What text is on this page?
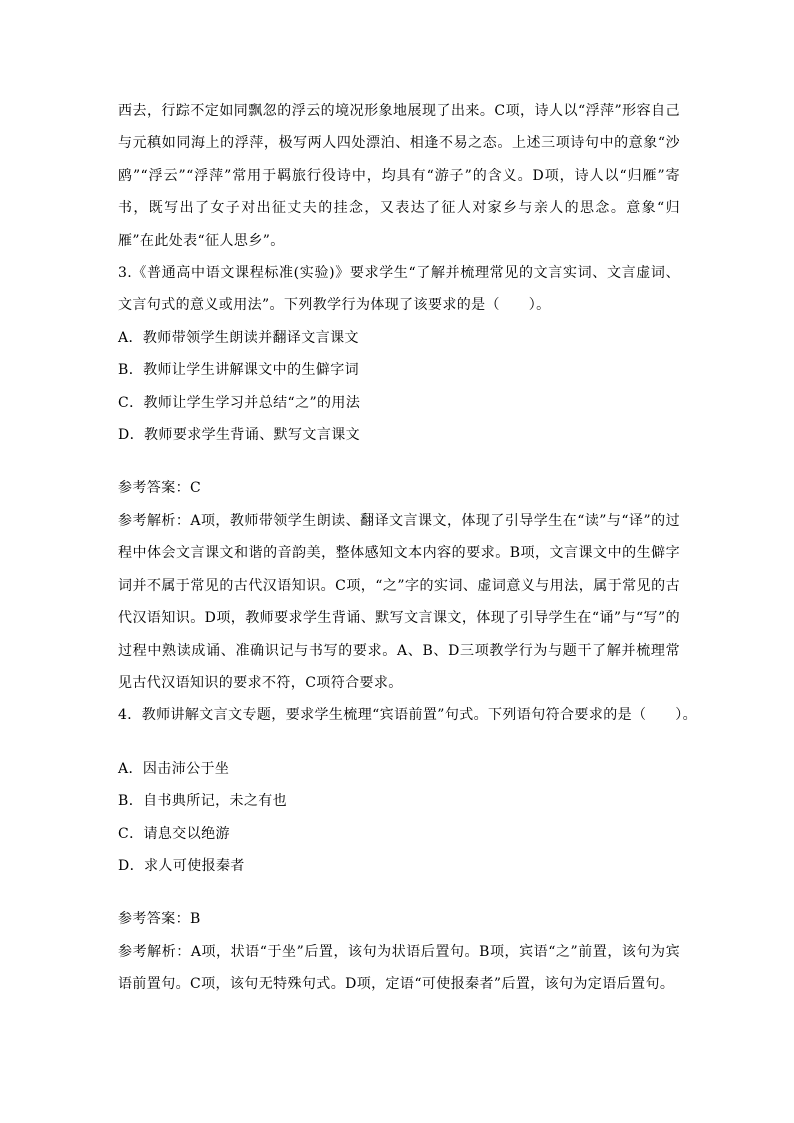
西去，行踪不定如同飘忽的浮云的境况形象地展现了出来。C项，诗人以“浮萍”形容自己与元稹如同海上的浮萍，极写两人四处漂泊、相逢不易之态。上述三项诗句中的意象“沙鸥”“浮云”“浮萍”常用于羁旅行役诗中，均具有“游子”的含义。D项，诗人以“归雁”寄书，既写出了女子对出征丈夫的挂念，又表达了征人对家乡与亲人的思念。意象“归雁”在此处表“征人思乡”。

3.《普通高中语文课程标准(实验)》要求学生“了解并梳理常见的文言实词、文言虚词、文言句式的意义或用法”。下列教学行为体现了该要求的是（　　）。

A．教师带领学生朗读并翻译文言课文

B．教师让学生讲解课文中的生僻字词

C．教师让学生学习并总结“之”的用法

D．教师要求学生背诵、默写文言课文

参考答案：C

参考解析：A项，教师带领学生朗读、翻译文言课文，体现了引导学生在“读”与“译”的过程中体会文言课文和谐的音韵美，整体感知文本内容的要求。B项，文言课文中的生僻字词并不属于常见的古代汉语知识。C项，“之”字的实词、虚词意义与用法，属于常见的古代汉语知识。D项，教师要求学生背诵、默写文言课文，体现了引导学生在“诵”与“写”的过程中熟读成诵、准确识记与书写的要求。A、B、D三项教学行为与题干了解并梳理常见古代汉语知识的要求不符，C项符合要求。

4．教师讲解文言文专题，要求学生梳理“宾语前置”句式。下列语句符合要求的是（　　）。

A．因击沛公于坐

B．自书典所记，未之有也

C．请息交以绝游

D．求人可使报秦者

参考答案：B

参考解析：A项，状语“于坐”后置，该句为状语后置句。B项，宾语“之”前置，该句为宾语前置句。C项，该句无特殊句式。D项，定语“可使报秦者”后置，该句为定语后置句。
